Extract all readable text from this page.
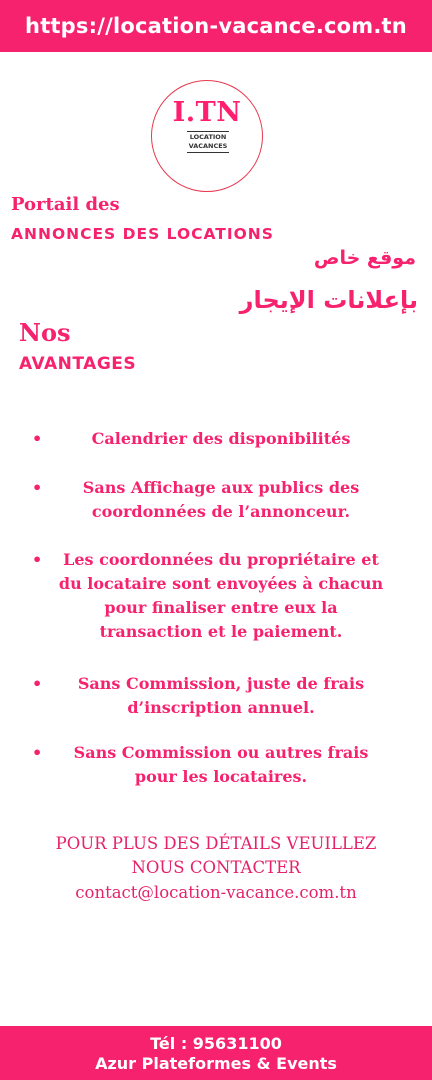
https://location-vacance.com.tn
I.TN
LOCATION
VACANCES
Portail des
ANNONCES DES LOCATIONS
موقع خاص
بإعلانات الإيجار
Nos
AVANTAGES
•	Calendrier des disponibilités
•	Sans Affichage aux publics des
coordonnées de l’annonceur.
•	Les coordonnées du propriétaire et
du locataire sont envoyées à chacun
pour finaliser entre eux la
transaction et le paiement.
•	Sans Commission, juste de frais
d’inscription annuel.
•	Sans Commission ou autres frais
pour les locataires.
POUR PLUS DES DÉTAILS VEUILLEZ
NOUS CONTACTER
contact@location-vacance.com.tn
Tél : 95631100
Azur Plateformes & Events
